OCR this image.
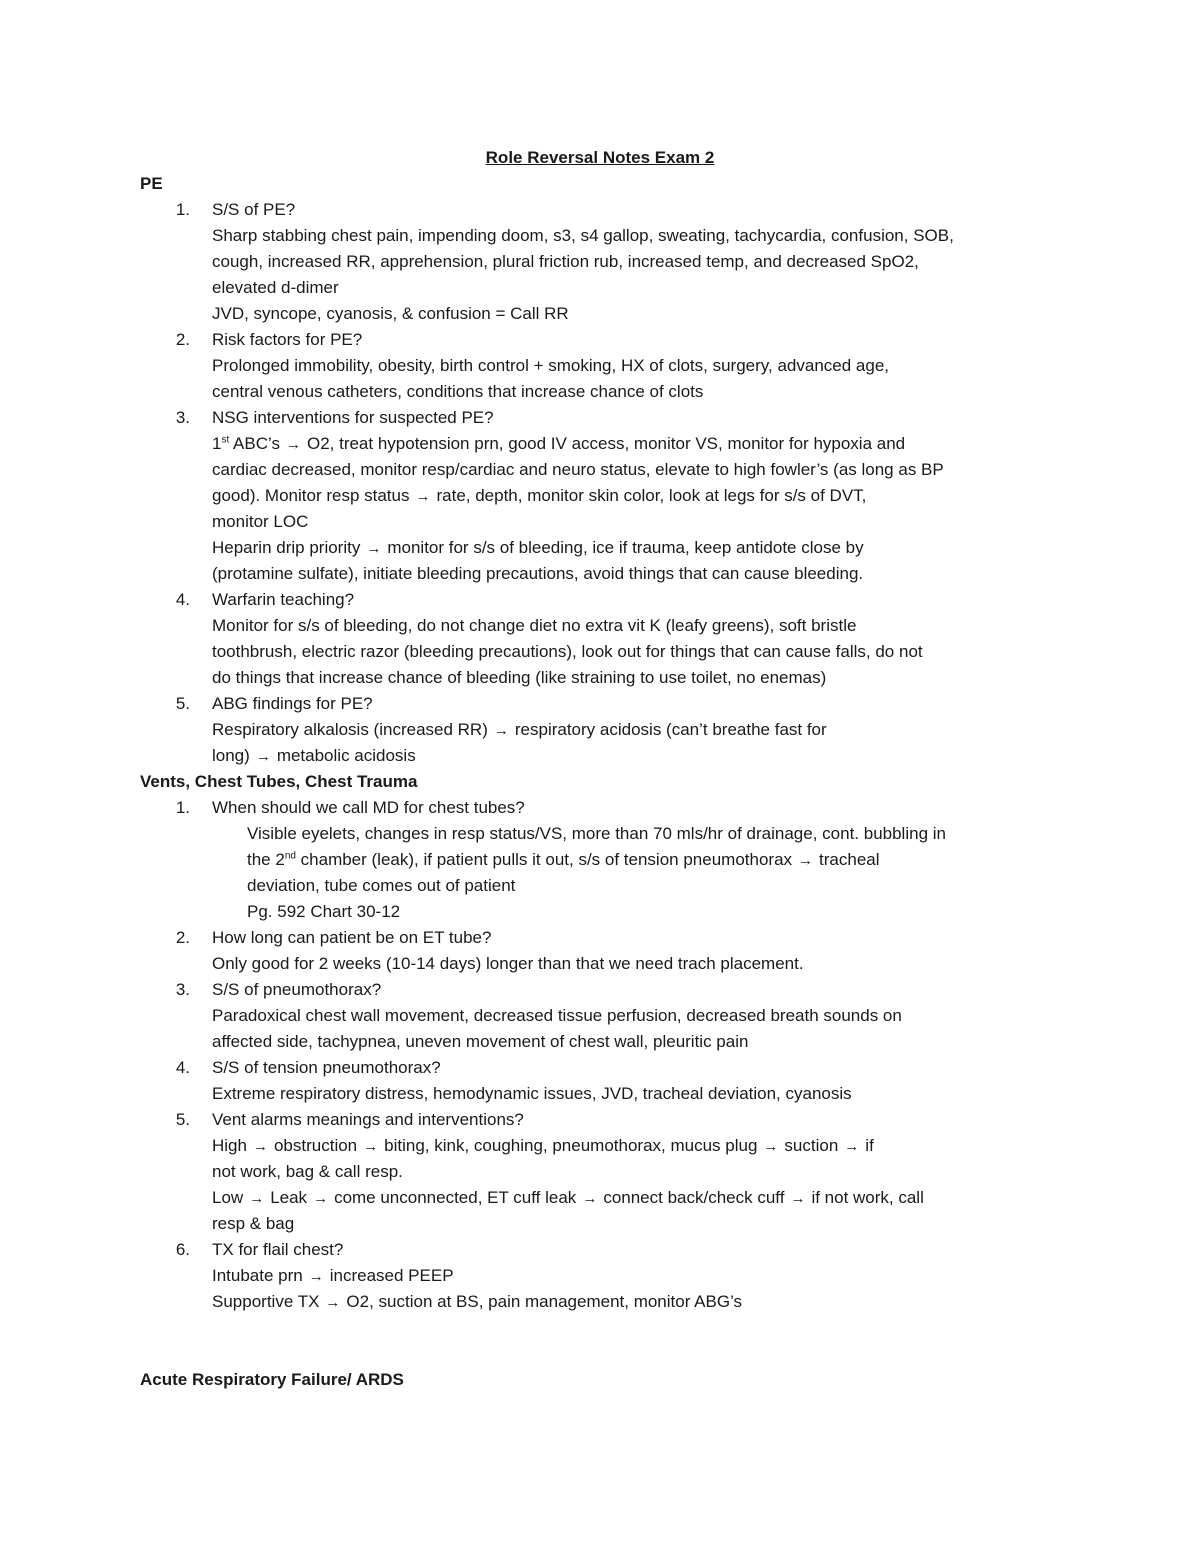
Role Reversal Notes Exam 2
PE
1. S/S of PE?
Sharp stabbing chest pain, impending doom, s3, s4 gallop, sweating, tachycardia, confusion, SOB,
cough, increased RR, apprehension, plural friction rub, increased temp, and decreased SpO2,
elevated d-dimer
JVD, syncope, cyanosis, & confusion = Call RR
2. Risk factors for PE?
Prolonged immobility, obesity, birth control + smoking, HX of clots, surgery, advanced age,
central venous catheters, conditions that increase chance of clots
3. NSG interventions for suspected PE?
1st ABC’s → O2, treat hypotension prn, good IV access, monitor VS, monitor for hypoxia and
cardiac decreased, monitor resp/cardiac and neuro status, elevate to high fowler’s (as long as BP
good). Monitor resp status → rate, depth, monitor skin color, look at legs for s/s of DVT,
monitor LOC
Heparin drip priority → monitor for s/s of bleeding, ice if trauma, keep antidote close by
(protamine sulfate), initiate bleeding precautions, avoid things that can cause bleeding.
4. Warfarin teaching?
Monitor for s/s of bleeding, do not change diet no extra vit K (leafy greens), soft bristle
toothbrush, electric razor (bleeding precautions), look out for things that can cause falls, do not
do things that increase chance of bleeding (like straining to use toilet, no enemas)
5. ABG findings for PE?
Respiratory alkalosis (increased RR) → respiratory acidosis (can’t breathe fast for
long) → metabolic acidosis
Vents, Chest Tubes, Chest Trauma
1. When should we call MD for chest tubes?
Visible eyelets, changes in resp status/VS, more than 70 mls/hr of drainage, cont. bubbling in
the 2nd chamber (leak), if patient pulls it out, s/s of tension pneumothorax → tracheal
deviation, tube comes out of patient
Pg. 592 Chart 30-12
2. How long can patient be on ET tube?
Only good for 2 weeks (10-14 days) longer than that we need trach placement.
3. S/S of pneumothorax?
Paradoxical chest wall movement, decreased tissue perfusion, decreased breath sounds on
affected side, tachypnea, uneven movement of chest wall, pleuritic pain
4. S/S of tension pneumothorax?
Extreme respiratory distress, hemodynamic issues, JVD, tracheal deviation, cyanosis
5. Vent alarms meanings and interventions?
High → obstruction → biting, kink, coughing, pneumothorax, mucus plug → suction → if
not work, bag & call resp.
Low → Leak → come unconnected, ET cuff leak → connect back/check cuff → if not work, call
resp & bag
6. TX for flail chest?
Intubate prn → increased PEEP
Supportive TX → O2, suction at BS, pain management, monitor ABG’s
Acute Respiratory Failure/ ARDS
